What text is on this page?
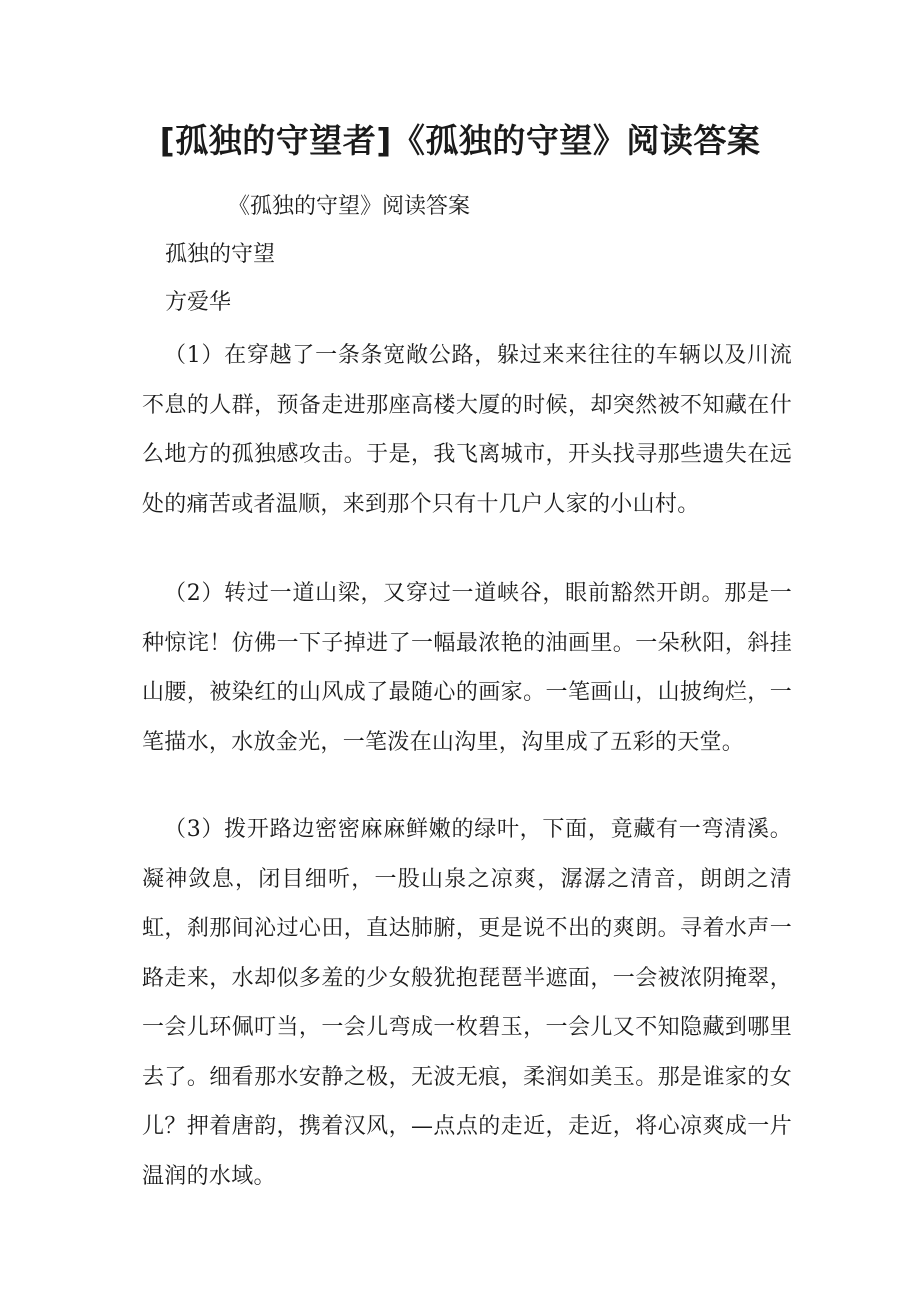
[孤独的守望者]《孤独的守望》阅读答案

《孤独的守望》阅读答案

孤独的守望

方爱华

（1）在穿越了一条条宽敞公路，躲过来来往往的车辆以及川流不息的人群，预备走进那座高楼大厦的时候，却突然被不知藏在什么地方的孤独感攻击。于是，我飞离城市，开头找寻那些遗失在远处的痛苦或者温顺，来到那个只有十几户人家的小山村。

（2）转过一道山梁，又穿过一道峡谷，眼前豁然开朗。那是一种惊诧！仿佛一下子掉进了一幅最浓艳的油画里。一朵秋阳，斜挂山腰，被染红的山风成了最随心的画家。一笔画山，山披绚烂，一笔描水，水放金光，一笔泼在山沟里，沟里成了五彩的天堂。

（3）拨开路边密密麻麻鲜嫩的绿叶，下面，竟藏有一弯清溪。凝神敛息，闭目细听，一股山泉之凉爽，潺潺之清音，朗朗之清虹，刹那间沁过心田，直达肺腑，更是说不出的爽朗。寻着水声一路走来，水却似多羞的少女般犹抱琵琶半遮面，一会被浓阴掩翠，一会儿环佩叮当，一会儿弯成一枚碧玉，一会儿又不知隐藏到哪里去了。细看那水安静之极，无波无痕，柔润如美玉。那是谁家的女儿？押着唐韵，携着汉风，—点点的走近，走近，将心凉爽成一片温润的水域。
